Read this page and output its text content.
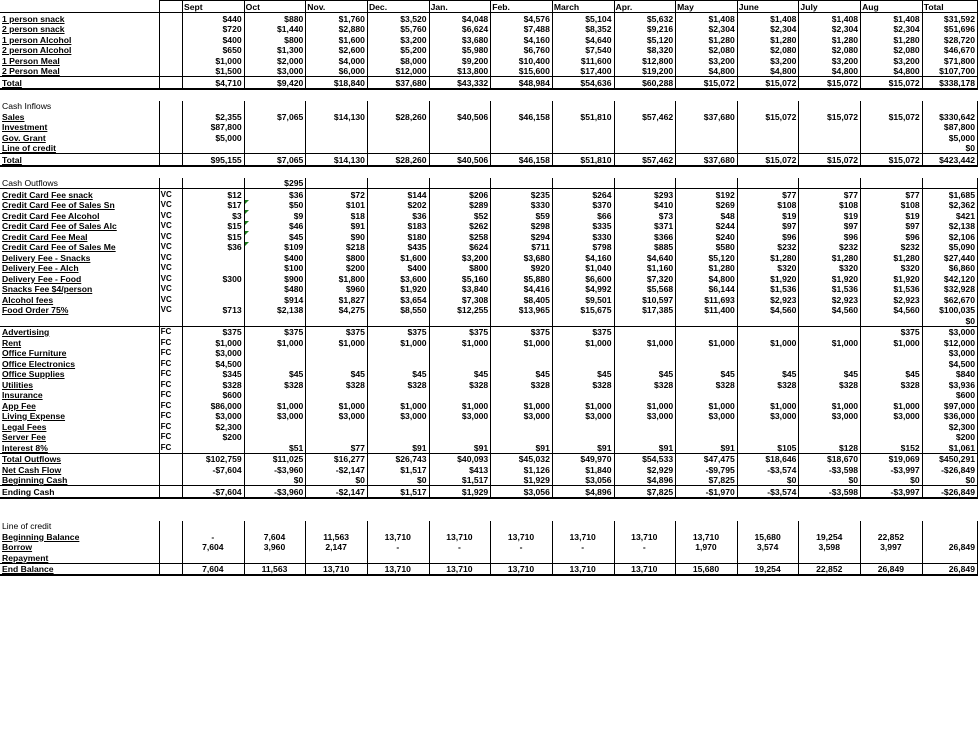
		Sept	Oct	Nov.	Dec.	Jan.	Feb.	March	Apr.	May	June	July	Aug	Total
1 person snack		$440	$880	$1,760	$3,520	$4,048	$4,576	$5,104	$5,632	$1,408	$1,408	$1,408	$1,408	$31,592
2 person snack		$720	$1,440	$2,880	$5,760	$6,624	$7,488	$8,352	$9,216	$2,304	$2,304	$2,304	$2,304	$51,696
1 person Alcohol		$400	$800	$1,600	$3,200	$3,680	$4,160	$4,640	$5,120	$1,280	$1,280	$1,280	$1,280	$28,720
2 person Alcohol		$650	$1,300	$2,600	$5,200	$5,980	$6,760	$7,540	$8,320	$2,080	$2,080	$2,080	$2,080	$46,670
1 Person Meal		$1,000	$2,000	$4,000	$8,000	$9,200	$10,400	$11,600	$12,800	$3,200	$3,200	$3,200	$3,200	$71,800
2 Person Meal		$1,500	$3,000	$6,000	$12,000	$13,800	$15,600	$17,400	$19,200	$4,800	$4,800	$4,800	$4,800	$107,700
Total		$4,710	$9,420	$18,840	$37,680	$43,332	$48,984	$54,636	$60,288	$15,072	$15,072	$15,072	$15,072	$338,178

Cash Inflows														
Sales		$2,355	$7,065	$14,130	$28,260	$40,506	$46,158	$51,810	$57,462	$37,680	$15,072	$15,072	$15,072	$330,642
Investment		$87,800												$87,800
Gov. Grant		$5,000												$5,000
Line of credit														$0
Total		$95,155	$7,065	$14,130	$28,260	$40,506	$46,158	$51,810	$57,462	$37,680	$15,072	$15,072	$15,072	$423,442

Cash Outflows			$295											
Credit Card Fee snack	VC	$12	$36	$72	$144	$206	$235	$264	$293	$192	$77	$77	$77	$1,685
Credit Card Fee of Sales Sn	VC	$17	$50	$101	$202	$289	$330	$370	$410	$269	$108	$108	$108	$2,362
Credit Card Fee Alcohol	VC	$3	$9	$18	$36	$52	$59	$66	$73	$48	$19	$19	$19	$421
Credit Card Fee of Sales Alc	VC	$15	$46	$91	$183	$262	$298	$335	$371	$244	$97	$97	$97	$2,138
Credit Card Fee Meal	VC	$15	$45	$90	$180	$258	$294	$330	$366	$240	$96	$96	$96	$2,106
Credit Card Fee of Sales Me	VC	$36	$109	$218	$435	$624	$711	$798	$885	$580	$232	$232	$232	$5,090
Delivery Fee - Snacks	VC		$400	$800	$1,600	$3,200	$3,680	$4,160	$4,640	$5,120	$1,280	$1,280	$1,280	$27,440
Delivery Fee - Alch	VC		$100	$200	$400	$800	$920	$1,040	$1,160	$1,280	$320	$320	$320	$6,860
Delivery Fee - Food	VC	$300	$900	$1,800	$3,600	$5,160	$5,880	$6,600	$7,320	$4,800	$1,920	$1,920	$1,920	$42,120
Snacks Fee $4/person	VC		$480	$960	$1,920	$3,840	$4,416	$4,992	$5,568	$6,144	$1,536	$1,536	$1,536	$32,928
Alcohol fees	VC		$914	$1,827	$3,654	$7,308	$8,405	$9,501	$10,597	$11,693	$2,923	$2,923	$2,923	$62,670
Food Order 75%	VC	$713	$2,138	$4,275	$8,550	$12,255	$13,965	$15,675	$17,385	$11,400	$4,560	$4,560	$4,560	$100,035
														$0
Advertising	FC	$375	$375	$375	$375	$375	$375	$375					$375	$3,000
Rent	FC	$1,000	$1,000	$1,000	$1,000	$1,000	$1,000	$1,000	$1,000	$1,000	$1,000	$1,000	$1,000	$12,000
Office Furniture	FC	$3,000												$3,000
Office Electronics	FC	$4,500												$4,500
Office Supplies	FC	$345	$45	$45	$45	$45	$45	$45	$45	$45	$45	$45	$45	$840
Utilities	FC	$328	$328	$328	$328	$328	$328	$328	$328	$328	$328	$328	$328	$3,936
Insurance	FC	$600												$600
App Fee	FC	$86,000	$1,000	$1,000	$1,000	$1,000	$1,000	$1,000	$1,000	$1,000	$1,000	$1,000	$1,000	$97,000
Living Expense	FC	$3,000	$3,000	$3,000	$3,000	$3,000	$3,000	$3,000	$3,000	$3,000	$3,000	$3,000	$3,000	$36,000
Legal Fees	FC	$2,300												$2,300
Server Fee	FC	$200												$200
Interest 8%	FC		$51	$77	$91	$91	$91	$91	$91	$91	$105	$128	$152	$1,061
Total Outflows		$102,759	$11,025	$16,277	$26,743	$40,093	$45,032	$49,970	$54,533	$47,475	$18,646	$18,670	$19,069	$450,291
Net Cash Flow		-$7,604	-$3,960	-$2,147	$1,517	$413	$1,126	$1,840	$2,929	-$9,795	-$3,574	-$3,598	-$3,997	-$26,849
Beginning Cash			$0	$0	$0	$1,517	$1,929	$3,056	$4,896	$7,825	$0	$0	$0	$0
Ending Cash		-$7,604	-$3,960	-$2,147	$1,517	$1,929	$3,056	$4,896	$7,825	-$1,970	-$3,574	-$3,598	-$3,997	-$26,849

Line of credit														
Beginning Balance		-	7,604	11,563	13,710	13,710	13,710	13,710	13,710	13,710	15,680	19,254	22,852	
Borrow		7,604	3,960	2,147	-	-	-	-	-	1,970	3,574	3,598	3,997	26,849
Repayment														
End Balance		7,604	11,563	13,710	13,710	13,710	13,710	13,710	13,710	15,680	19,254	22,852	26,849	26,849
